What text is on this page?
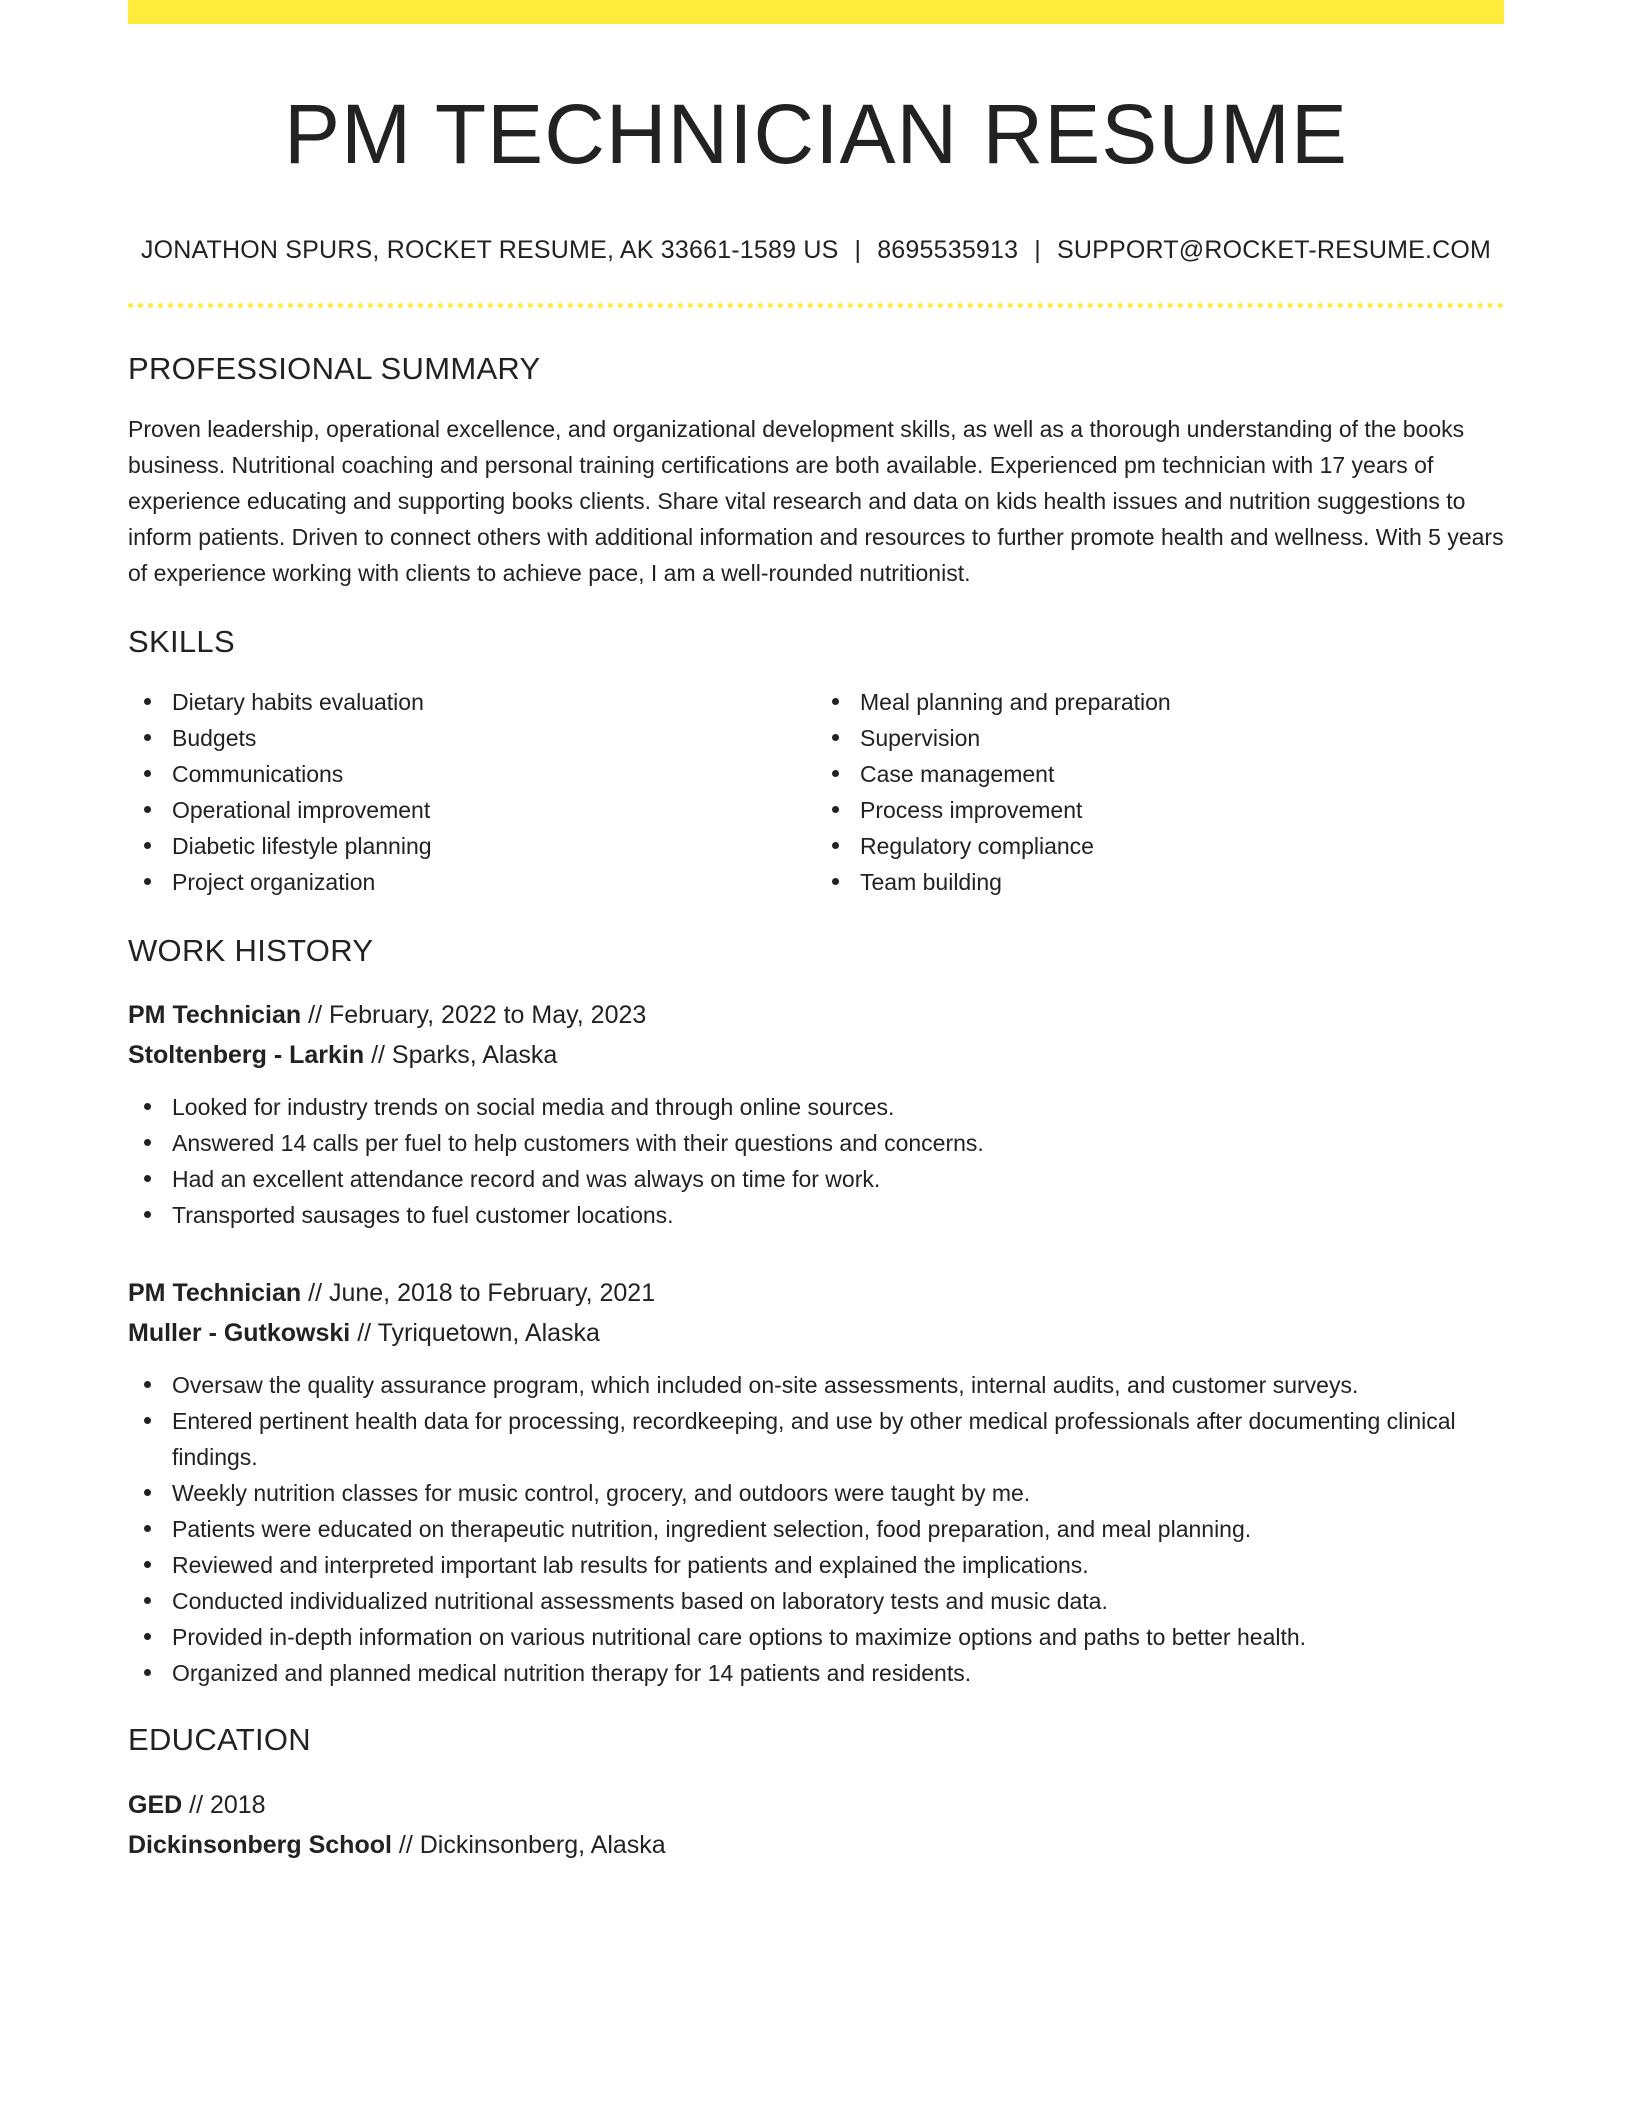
PM TECHNICIAN RESUME
JONATHON SPURS, ROCKET RESUME, AK 33661-1589 US | 8695535913 | SUPPORT@ROCKET-RESUME.COM
PROFESSIONAL SUMMARY

Proven leadership, operational excellence, and organizational development skills, as well as a thorough understanding of the books business. Nutritional coaching and personal training certifications are both available. Experienced pm technician with 17 years of experience educating and supporting books clients. Share vital research and data on kids health issues and nutrition suggestions to inform patients. Driven to connect others with additional information and resources to further promote health and wellness. With 5 years of experience working with clients to achieve pace, I am a well-rounded nutritionist.

SKILLS
Dietary habits evaluation
Budgets
Communications
Operational improvement
Diabetic lifestyle planning
Project organization
Meal planning and preparation
Supervision
Case management
Process improvement
Regulatory compliance
Team building
WORK HISTORY
PM Technician // February, 2022 to May, 2023
Stoltenberg - Larkin // Sparks, Alaska
Looked for industry trends on social media and through online sources.
Answered 14 calls per fuel to help customers with their questions and concerns.
Had an excellent attendance record and was always on time for work.
Transported sausages to fuel customer locations.
PM Technician // June, 2018 to February, 2021
Muller - Gutkowski // Tyriquetown, Alaska
Oversaw the quality assurance program, which included on-site assessments, internal audits, and customer surveys.
Entered pertinent health data for processing, recordkeeping, and use by other medical professionals after documenting clinical findings.
Weekly nutrition classes for music control, grocery, and outdoors were taught by me.
Patients were educated on therapeutic nutrition, ingredient selection, food preparation, and meal planning.
Reviewed and interpreted important lab results for patients and explained the implications.
Conducted individualized nutritional assessments based on laboratory tests and music data.
Provided in-depth information on various nutritional care options to maximize options and paths to better health.
Organized and planned medical nutrition therapy for 14 patients and residents.
EDUCATION
GED // 2018
Dickinsonberg School // Dickinsonberg, Alaska
